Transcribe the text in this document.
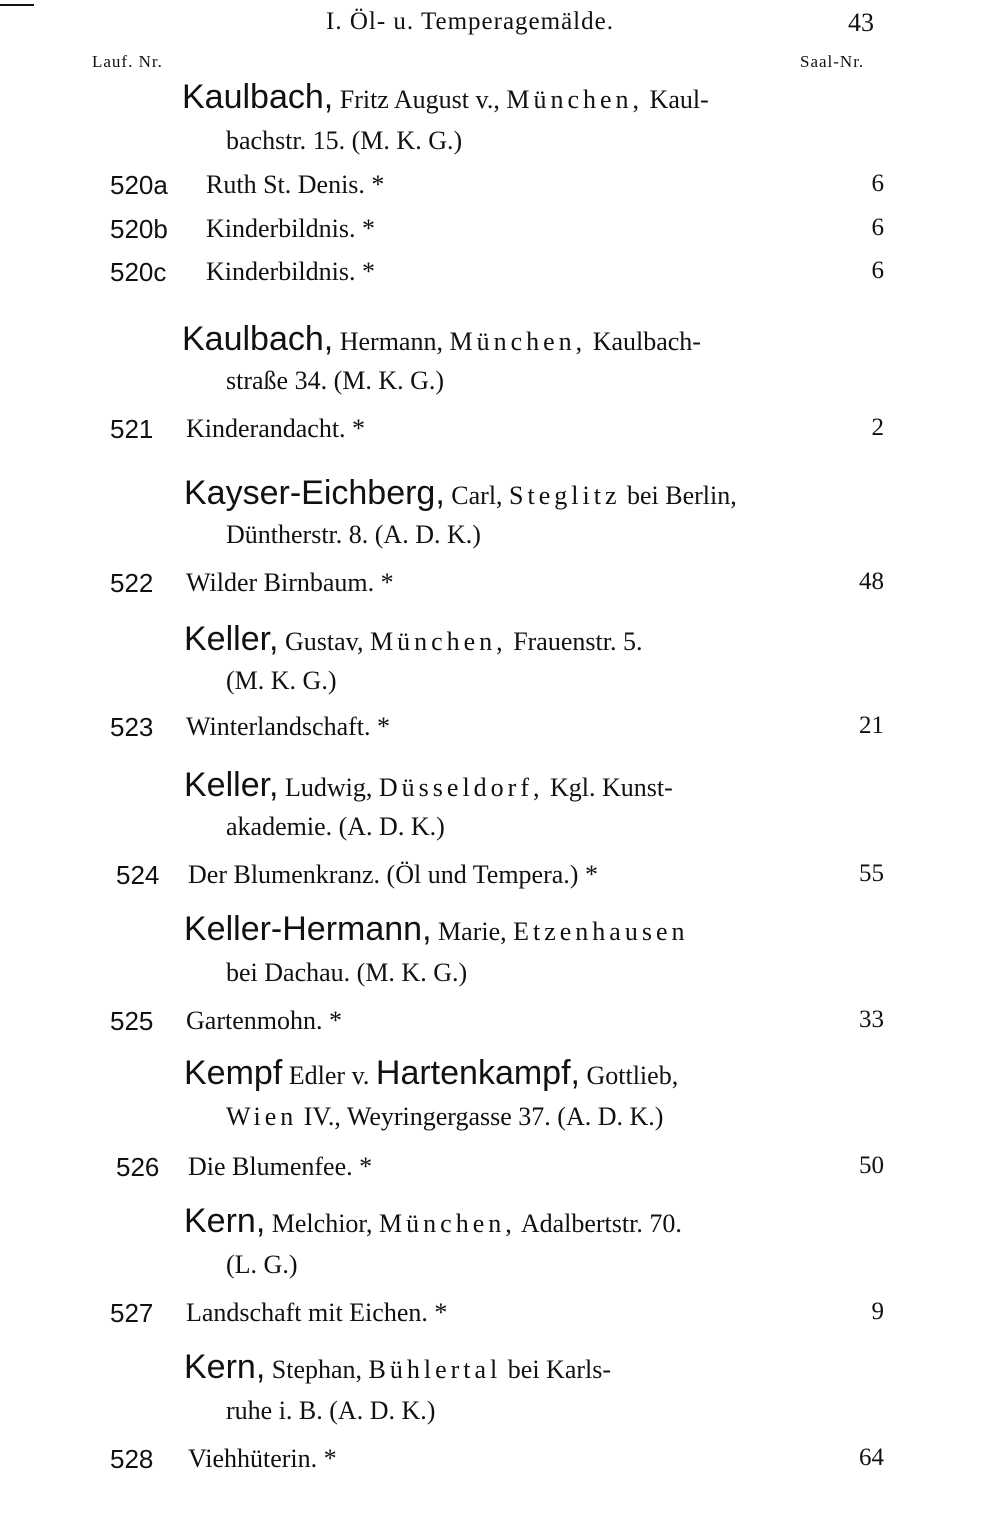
I. Öl- u. Temperagemälde.	43
Lauf. Nr.	Saal-Nr.
Kaulbach, Fritz August v., München, Kaul-
bachstr. 15. (M. K. G.)
520a Ruth St. Denis. *	6
520b Kinderbildnis. *	6
520c Kinderbildnis. *	6
Kaulbach, Hermann, München, Kaulbach-
straße 34. (M. K. G.)
521 Kinderandacht. *	2
Kayser-Eichberg, Carl, Steglitz bei Berlin,
Düntherstr. 8. (A. D. K.)
522 Wilder Birnbaum. *	48
Keller, Gustav, München, Frauenstr. 5.
(M. K. G.)
523 Winterlandschaft. *	21
Keller, Ludwig, Düsseldorf, Kgl. Kunst-
akademie. (A. D. K.)
524 Der Blumenkranz. (Öl und Tempera.) *	55
Keller-Hermann, Marie, Etzenhausen
bei Dachau. (M. K. G.)
525 Gartenmohn. *	33
Kempf Edler v. Hartenkampf, Gottlieb,
Wien IV., Weyringergasse 37. (A. D. K.)
526 Die Blumenfee. *	50
Kern, Melchior, München, Adalbertstr. 70.
(L. G.)
527 Landschaft mit Eichen. *	9
Kern, Stephan, Bühlertal bei Karls-
ruhe i. B. (A. D. K.)
528 Viehhüterin. *	64
